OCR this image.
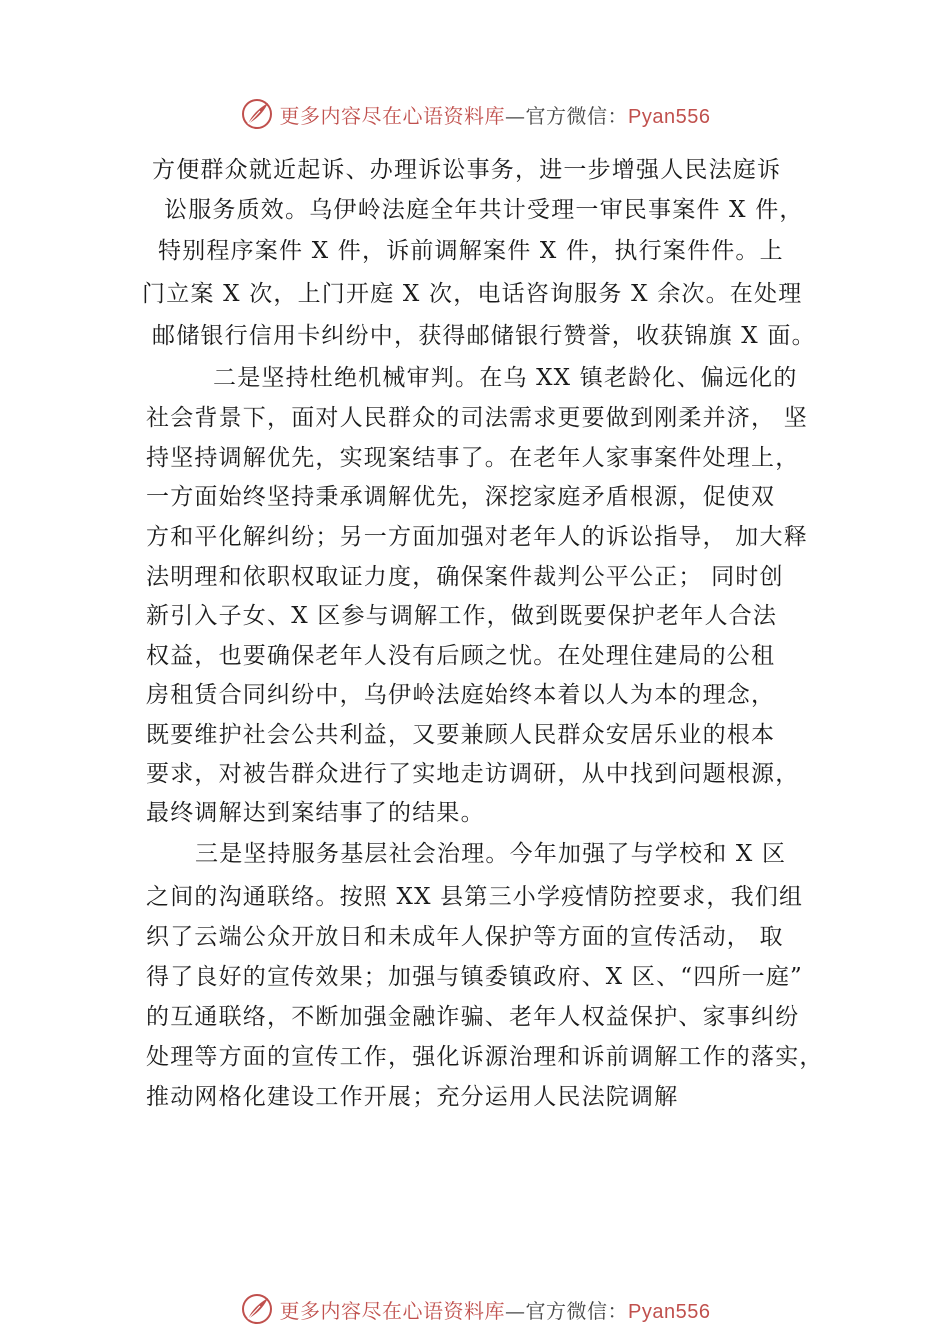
更多内容尽在心语资料库—官方微信：Pyan556
方便群众就近起诉、办理诉讼事务，进一步增强人民法庭诉
讼服务质效。乌伊岭法庭全年共计受理一审民事案件 X 件，
特别程序案件 X 件，诉前调解案件 X 件，执行案件件。上
门立案 X 次，上门开庭 X 次，电话咨询服务 X 余次。在处理
邮储银行信用卡纠纷中，获得邮储银行赞誉，收获锦旗 X 面。
二是坚持杜绝机械审判。在乌 XX 镇老龄化、偏远化的
社会背景下，面对人民群众的司法需求更要做到刚柔并济， 坚
持坚持调解优先，实现案结事了。在老年人家事案件处理上，
一方面始终坚持秉承调解优先，深挖家庭矛盾根源，促使双
方和平化解纠纷；另一方面加强对老年人的诉讼指导， 加大释
法明理和依职权取证力度，确保案件裁判公平公正； 同时创
新引入子女、X 区参与调解工作，做到既要保护老年人合法
权益，也要确保老年人没有后顾之忧。在处理住建局的公租
房租赁合同纠纷中，乌伊岭法庭始终本着以人为本的理念，
既要维护社会公共利益，又要兼顾人民群众安居乐业的根本
要求，对被告群众进行了实地走访调研，从中找到问题根源，
最终调解达到案结事了的结果。
三是坚持服务基层社会治理。今年加强了与学校和 X 区
之间的沟通联络。按照 XX 县第三小学疫情防控要求，我们组
织了云端公众开放日和未成年人保护等方面的宣传活动， 取
得了良好的宣传效果；加强与镇委镇政府、X 区、“四所一庭”
的互通联络，不断加强金融诈骗、老年人权益保护、家事纠纷
处理等方面的宣传工作，强化诉源治理和诉前调解工作的落实，
推动网格化建设工作开展；充分运用人民法院调解
更多内容尽在心语资料库—官方微信：Pyan556
